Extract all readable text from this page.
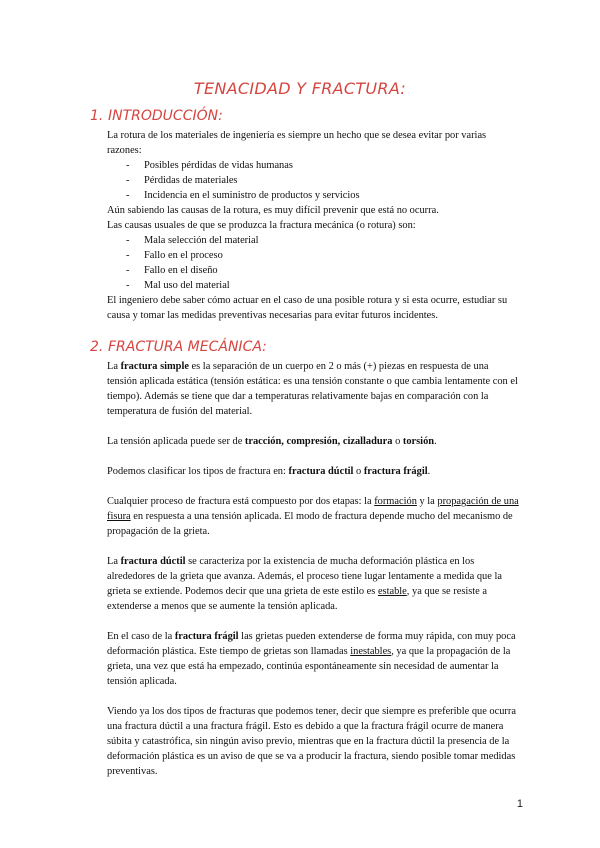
TENACIDAD Y FRACTURA:
1. INTRODUCCIÓN:

La rotura de los materiales de ingeniería es siempre un hecho que se desea evitar por varias razones:

- Posibles pérdidas de vidas humanas
- Pérdidas de materiales
- Incidencia en el suministro de productos y servicios

Aún sabiendo las causas de la rotura, es muy difícil prevenir que está no ocurra.

Las causas usuales de que se produzca la fractura mecánica (o rotura) son:

- Mala selección del material
- Fallo en el proceso
- Fallo en el diseño
- Mal uso del material

El ingeniero debe saber cómo actuar en el caso de una posible rotura y si esta ocurre, estudiar su causa y tomar las medidas preventivas necesarias para evitar futuros incidentes.

2. FRACTURA MECÁNICA:

La fractura simple es la separación de un cuerpo en 2 o más (+) piezas en respuesta de una tensión aplicada estática (tensión estática: es una tensión constante o que cambia lentamente con el tiempo). Además se tiene que dar a temperaturas relativamente bajas en comparación con la temperatura de fusión del material.

La tensión aplicada puede ser de tracción, compresión, cizalladura o torsión.

Podemos clasificar los tipos de fractura en: fractura dúctil o fractura frágil.

Cualquier proceso de fractura está compuesto por dos etapas: la formación y la propagación de una fisura en respuesta a una tensión aplicada. El modo de fractura depende mucho del mecanismo de propagación de la grieta.

La fractura dúctil se caracteriza por la existencia de mucha deformación plástica en los alrededores de la grieta que avanza. Además, el proceso tiene lugar lentamente a medida que la grieta se extiende. Podemos decir que una grieta de este estilo es estable, ya que se resiste a extenderse a menos que se aumente la tensión aplicada.

En el caso de la fractura frágil las grietas pueden extenderse de forma muy rápida, con muy poca deformación plástica. Este tiempo de grietas son llamadas inestables, ya que la propagación de la grieta, una vez que está ha empezado, continúa espontáneamente sin necesidad de aumentar la tensión aplicada.

Viendo ya los dos tipos de fracturas que podemos tener, decir que siempre es preferible que ocurra una fractura dúctil a una fractura frágil. Esto es debido a que la fractura frágil ocurre de manera súbita y catastrófica, sin ningún aviso previo, mientras que en la fractura dúctil la presencia de la deformación plástica es un aviso de que se va a producir la fractura, siendo posible tomar medidas preventivas.

1
